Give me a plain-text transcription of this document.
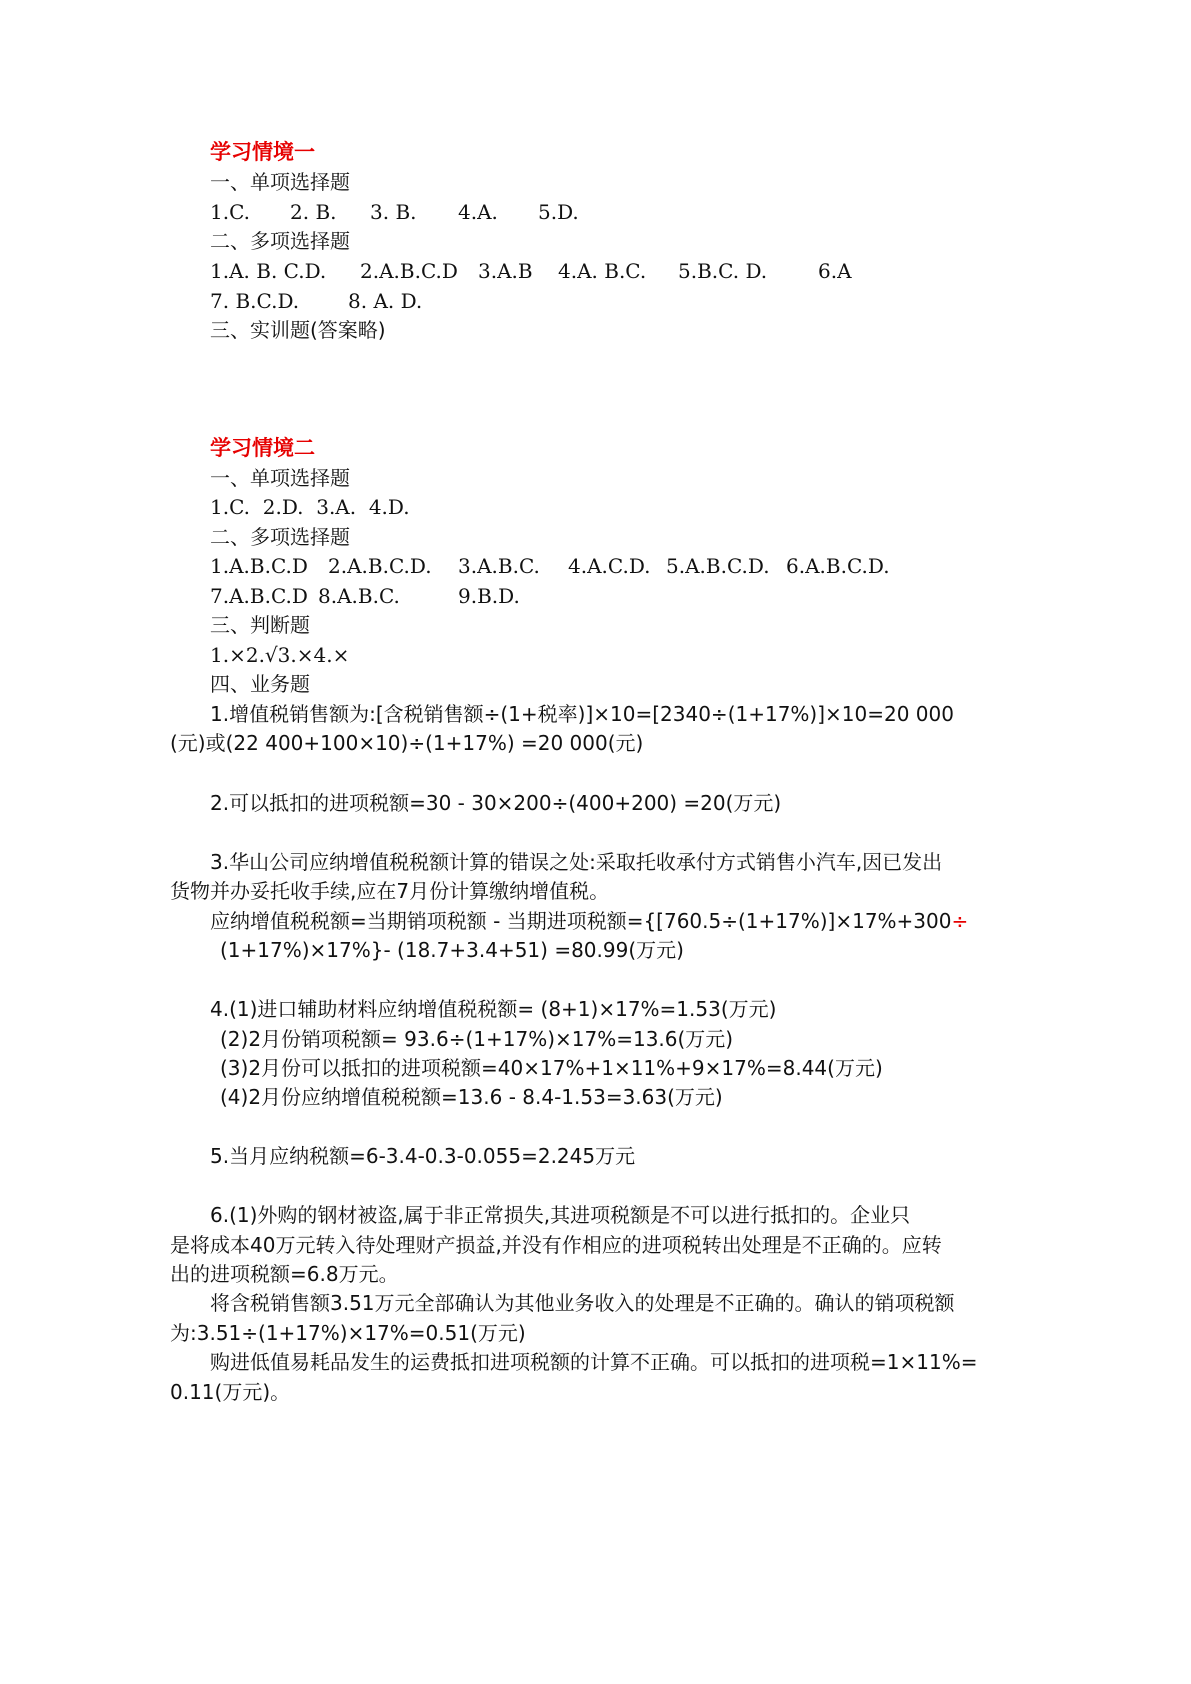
学习情境一
一、单项选择题
1.C. 2. B. 3. B. 4.A. 5.D.
二、多项选择题
1.A. B. C.D. 2.A.B.C.D 3.A.B 4.A. B.C. 5.B.C. D.	6.A
7. B.C.D. 8. A. D.
三、实训题(答案略)
学习情境二
一、单项选择题
1.C.  2.D.  3.A.  4.D.
二、多项选择题
1.A.B.C.D 2.A.B.C.D. 3.A.B.C. 4.A.C.D. 5.A.B.C.D. 6.A.B.C.D.
7.A.B.C.D 8.A.B.C.	9.B.D.
三、判断题
1.×2.√3.×4.×
四、业务题
1.增值税销售额为:[含税销售额÷(1+税率)]×10=[2340÷(1+17%)]×10=20 000
(元)或(22 400+100×10)÷(1+17%) =20 000(元)
2.可以抵扣的进项税额=30 - 30×200÷(400+200) =20(万元)
3.华山公司应纳增值税税额计算的错误之处:采取托收承付方式销售小汽车,因已发出
货物并办妥托收手续,应在7月份计算缴纳增值税。
应纳增值税税额=当期销项税额 - 当期进项税额={[760.5÷(1+17%)]×17%+300÷
(1+17%)×17%}- (18.7+3.4+51) =80.99(万元)
4.(1)进口辅助材料应纳增值税税额= (8+1)×17%=1.53(万元)
(2)2月份销项税额= 93.6÷(1+17%)×17%=13.6(万元)
(3)2月份可以抵扣的进项税额=40×17%+1×11%+9×17%=8.44(万元)
(4)2月份应纳增值税税额=13.6 - 8.4-1.53=3.63(万元)
5.当月应纳税额=6-3.4-0.3-0.055=2.245万元
6.(1)外购的钢材被盗,属于非正常损失,其进项税额是不可以进行抵扣的。企业只
是将成本40万元转入待处理财产损益,并没有作相应的进项税转出处理是不正确的。应转
出的进项税额=6.8万元。
将含税销售额3.51万元全部确认为其他业务收入的处理是不正确的。确认的销项税额
为:3.51÷(1+17%)×17%=0.51(万元)
购进低值易耗品发生的运费抵扣进项税额的计算不正确。可以抵扣的进项税=1×11%=
0.11(万元)。
